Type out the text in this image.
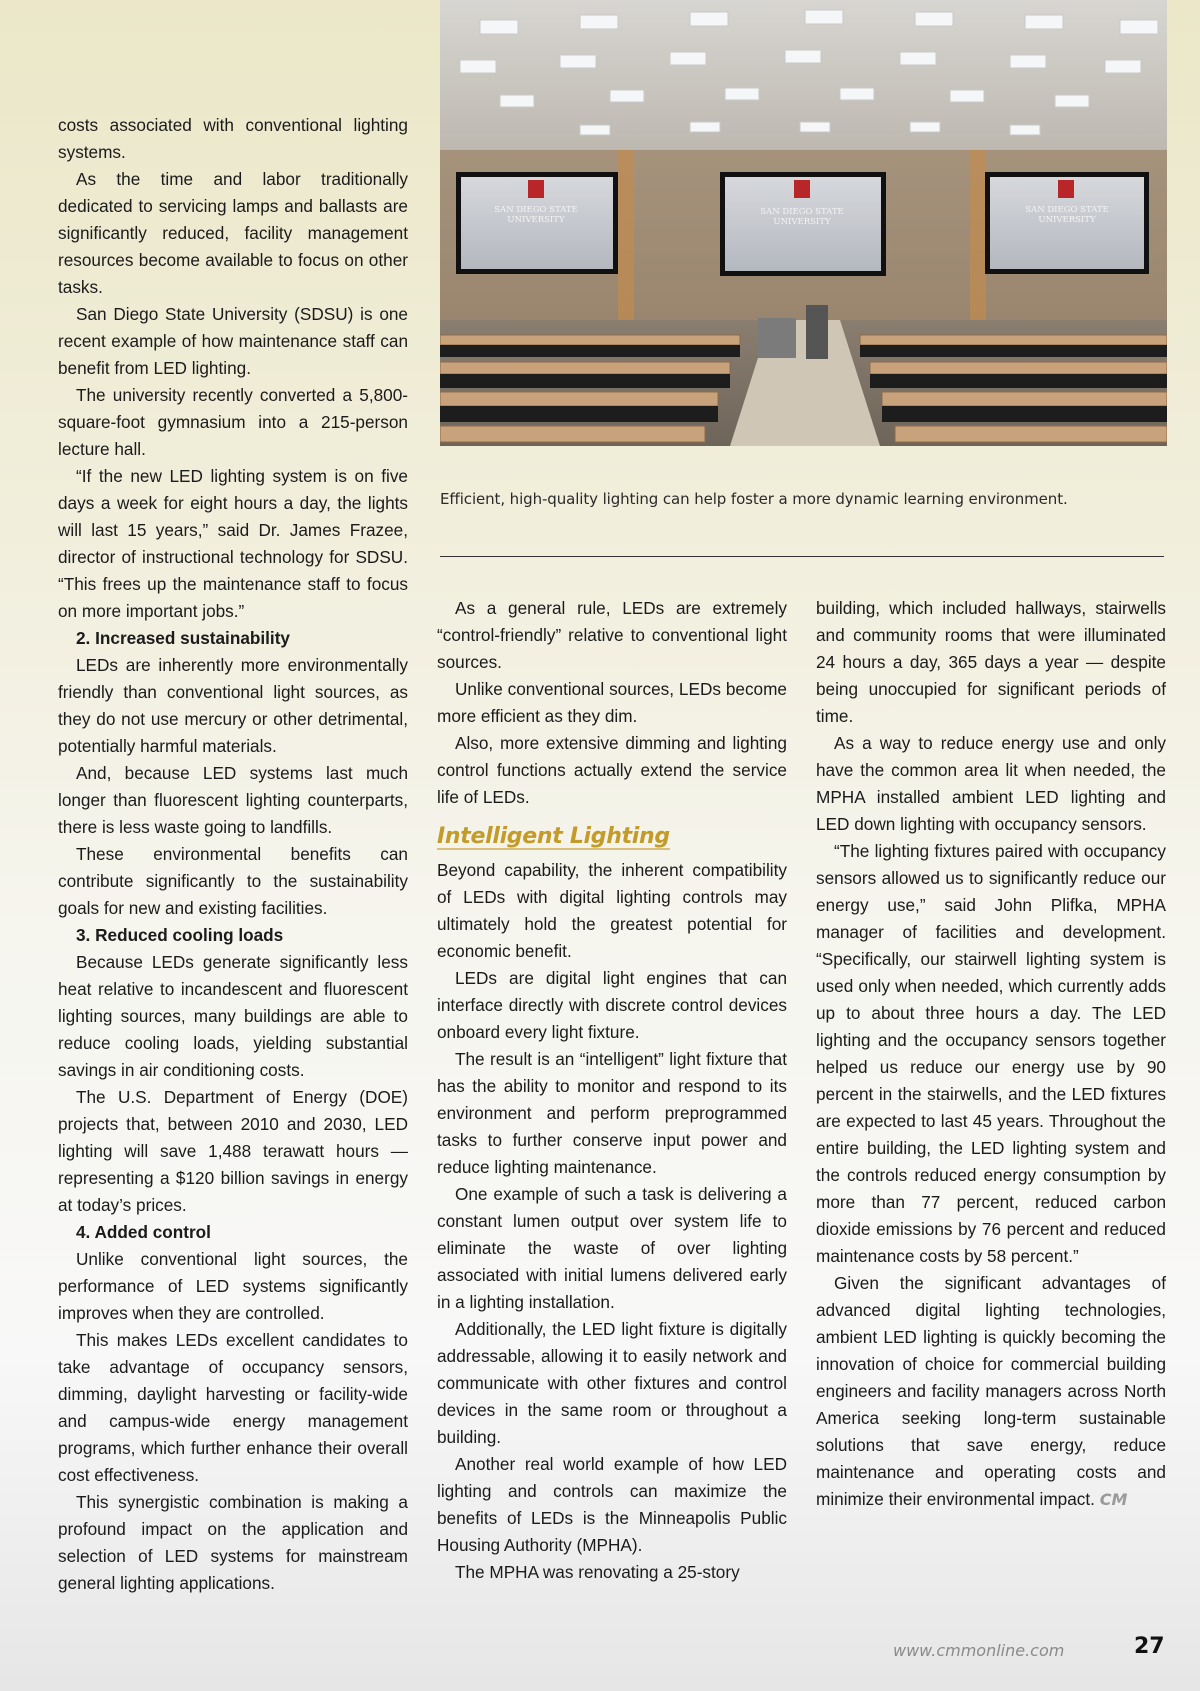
SAN DIEGO STATE
UNIVERSITY
SAN DIEGO STATE
UNIVERSITY
SAN DIEGO STATE
UNIVERSITY
Efficient, high-quality lighting can help foster a more dynamic learning environment.

costs associated with conventional lighting systems.

As the time and labor traditionally dedicated to servicing lamps and ballasts are significantly reduced, facility management resources become available to focus on other tasks.

San Diego State University (SDSU) is one recent example of how maintenance staff can benefit from LED lighting.

The university recently converted a 5,800-square-foot gymnasium into a 215-person lecture hall.

“If the new LED lighting system is on five days a week for eight hours a day, the lights will last 15 years,” said Dr. James Frazee, director of instructional technology for SDSU. “This frees up the maintenance staff to focus on more important jobs.”

2. Increased sustainability

LEDs are inherently more environmentally friendly than conventional light sources, as they do not use mercury or other detrimental, potentially harmful materials.

And, because LED systems last much longer than fluorescent lighting counterparts, there is less waste going to landfills.

These environmental benefits can contribute significantly to the sustainability goals for new and existing facilities.

3. Reduced cooling loads

Because LEDs generate significantly less heat relative to incandescent and fluorescent lighting sources, many buildings are able to reduce cooling loads, yielding substantial savings in air conditioning costs.

The U.S. Department of Energy (DOE) projects that, between 2010 and 2030, LED lighting will save 1,488 terawatt hours — representing a $120 billion savings in energy at today’s prices.

4. Added control

Unlike conventional light sources, the performance of LED systems significantly improves when they are controlled.

This makes LEDs excellent candidates to take advantage of occupancy sensors, dimming, daylight harvesting or facility-wide and campus-wide energy management programs, which further enhance their overall cost effectiveness.

This synergistic combination is making a profound impact on the application and selection of LED systems for mainstream general lighting applications.

As a general rule, LEDs are extremely “control-friendly” relative to conventional light sources.

Unlike conventional sources, LEDs become more efficient as they dim.

Also, more extensive dimming and lighting control functions actually extend the service life of LEDs.

Intelligent Lighting

Beyond capability, the inherent compatibility of LEDs with digital lighting controls may ultimately hold the greatest potential for economic benefit.

LEDs are digital light engines that can interface directly with discrete control devices onboard every light fixture.

The result is an “intelligent” light fixture that has the ability to monitor and respond to its environment and perform preprogrammed tasks to further conserve input power and reduce lighting maintenance.

One example of such a task is delivering a constant lumen output over system life to eliminate the waste of over lighting associated with initial lumens delivered early in a lighting installation.

Additionally, the LED light fixture is digitally addressable, allowing it to easily network and communicate with other fixtures and control devices in the same room or throughout a building.

Another real world example of how LED lighting and controls can maximize the benefits of LEDs is the Minneapolis Public Housing Authority (MPHA).

The MPHA was renovating a 25-story

building, which included hallways, stairwells and community rooms that were illuminated 24 hours a day, 365 days a year — despite being unoccupied for significant periods of time.

As a way to reduce energy use and only have the common area lit when needed, the MPHA installed ambient LED lighting and LED down lighting with occupancy sensors.

“The lighting fixtures paired with occupancy sensors allowed us to significantly reduce our energy use,” said John Plifka, MPHA manager of facilities and development. “Specifically, our stairwell lighting system is used only when needed, which currently adds up to about three hours a day. The LED lighting and the occupancy sensors together helped us reduce our energy use by 90 percent in the stairwells, and the LED fixtures are expected to last 45 years. Throughout the entire building, the LED lighting system and the controls reduced energy consumption by more than 77 percent, reduced carbon dioxide emissions by 76 percent and reduced maintenance costs by 58 percent.”

Given the significant advantages of advanced digital lighting technologies, ambient LED lighting is quickly becoming the innovation of choice for commercial building engineers and facility managers across North America seeking long-term sustainable solutions that save energy, reduce maintenance and operating costs and minimize their environmental impact. CM

www.cmmonline.com	27
